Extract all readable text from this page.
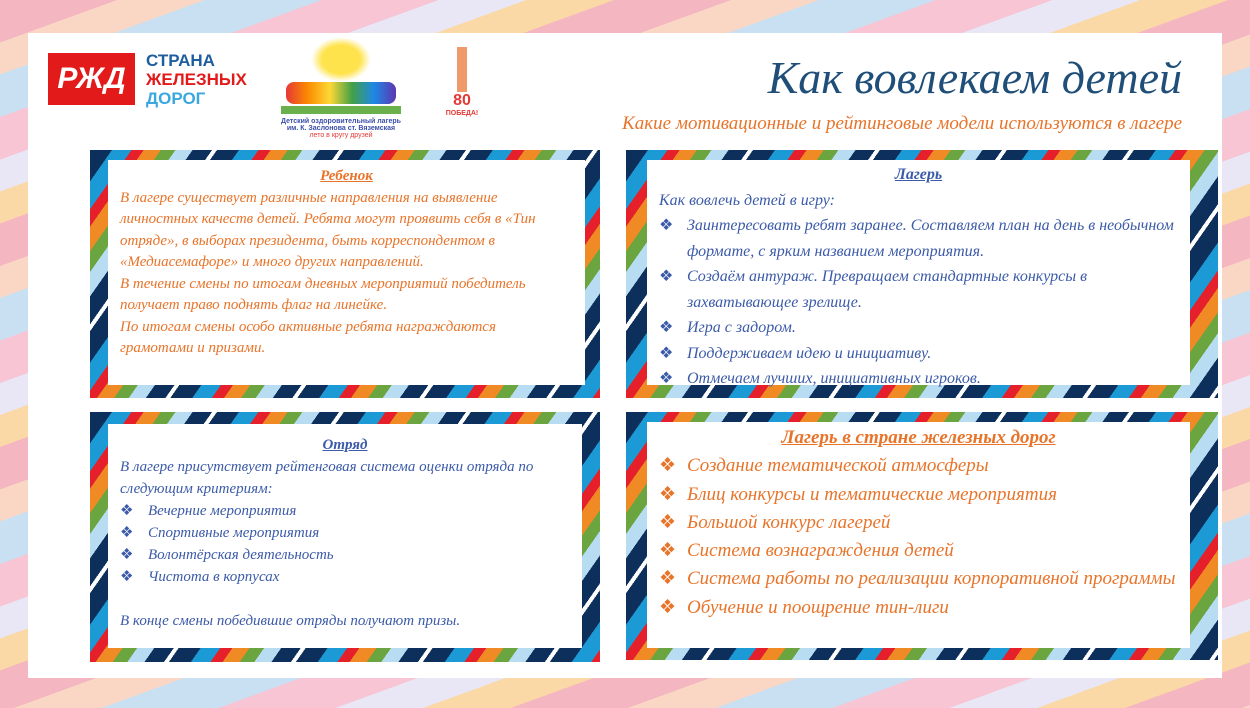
РЖД
СТРАНА
ЖЕЛЕЗНЫХ
ДОРОГ
Детский оздоровительный лагерь
им. К. Заслонова ст. Вяземская
лето в кругу друзей
80
ПОБЕДА!
Как вовлекаем детей
Какие мотивационные и рейтинговые модели используются в лагере
Ребенок

В лагере существует различные направления на выявление личностных качеств детей. Ребята могут проявить себя в «Тин отряде», в выборах президента, быть корреспондентом в «Медиасемафоре» и много других направлений.

В течение смены по итогам дневных мероприятий победитель получает право поднять флаг на линейке.

По итогам смены особо активные ребята награждаются грамотами и призами.

Лагерь
Как вовлечь детей в игру:
❖ Заинтересовать ребят заранее. Составляем план на день в необычном формате, с ярким названием мероприятия.
❖ Создаём антураж. Превращаем стандартные конкурсы в захватывающее зрелище.
❖ Игра с задором.
❖ Поддерживаем идею и инициативу.
❖ Отмечаем лучших, инициативных игроков.
Отряд
В лагере присутствует рейтенговая система оценки отряда по следующим критериям:
❖ Вечерние мероприятия
❖ Спортивные мероприятия
❖ Волонтёрская деятельность
❖ Чистота в корпусах
В конце смены победившие отряды получают призы.
Лагерь в стране железных дорог
❖ Создание тематической атмосферы
❖ Блиц конкурсы и тематические мероприятия
❖ Большой конкурс лагерей
❖ Система вознаграждения детей
❖ Система работы по реализации корпоративной программы
❖ Обучение и поощрение тин-лиги
